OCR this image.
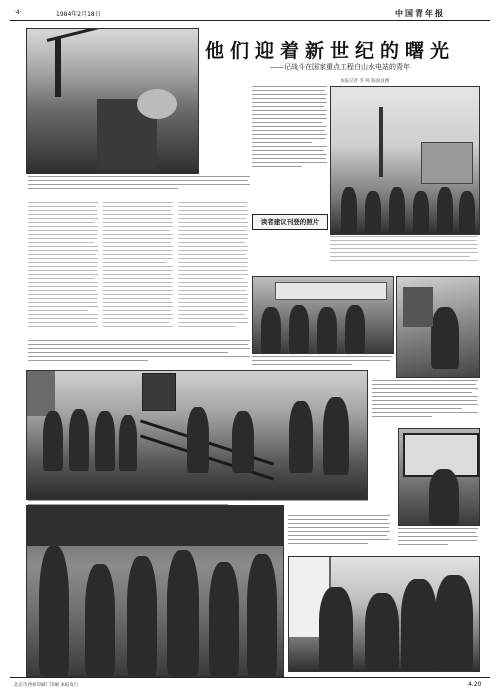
·4·	1984年2月18日	中国青年报
他们迎着新世纪的曙光
——记战斗在国家重点工程白山水电站的青年
本报记者 李 鸣 陈国良摄
读者建议刊登的照片
北京市西郊印刷厂印刷 本报发行	4.20
